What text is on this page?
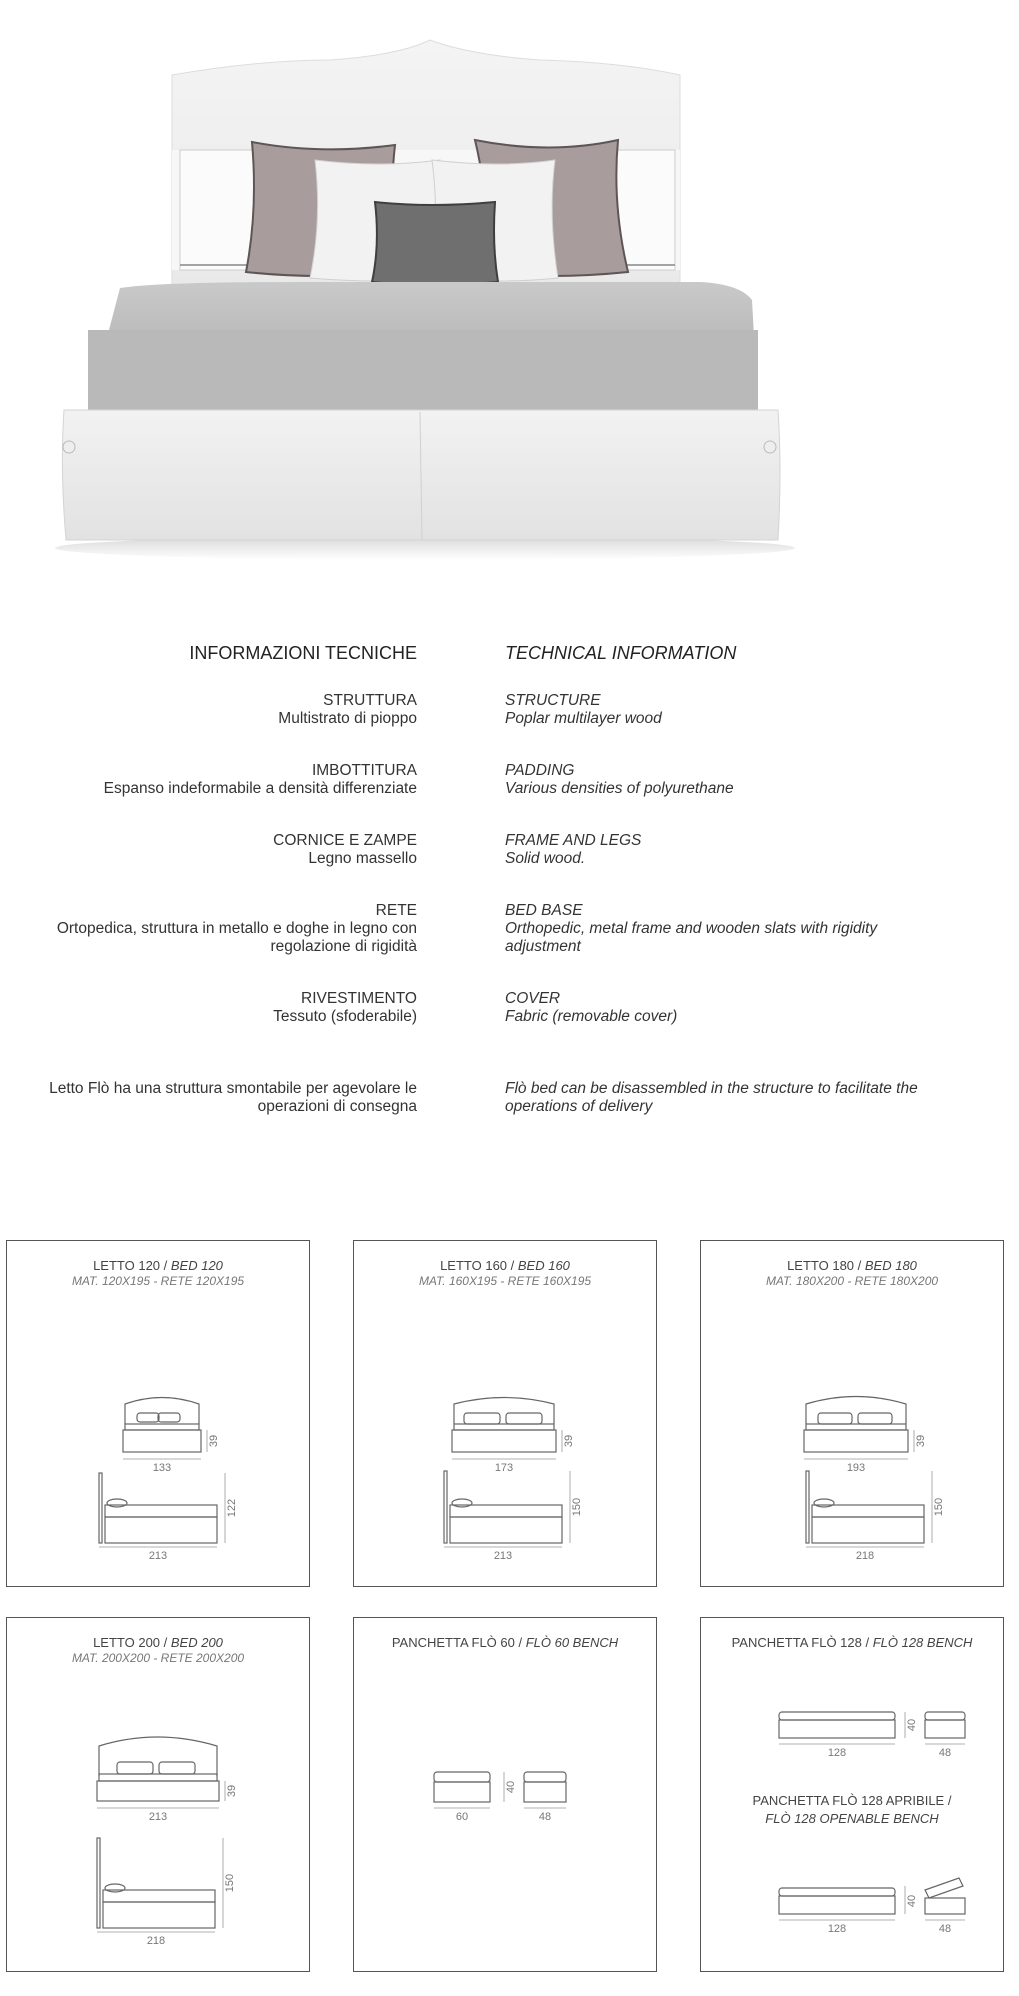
INFORMAZIONI TECNICHE	TECHNICAL INFORMATION
STRUTTURA
Multistrato di pioppo
STRUCTURE
Poplar multilayer wood
IMBOTTITURA
Espanso indeformabile a densità differenziate
PADDING
Various densities of polyurethane
CORNICE E ZAMPE
Legno massello
FRAME AND LEGS
Solid wood.
RETE
Ortopedica, struttura in metallo e doghe in legno con regolazione di rigidità
BED BASE
Orthopedic, metal frame and wooden slats with rigidity adjustment
RIVESTIMENTO
Tessuto (sfoderabile)
COVER
Fabric (removable cover)
Letto Flò ha una struttura smontabile per agevolare le operazioni di consegna
Flò bed can be disassembled in the structure to facilitate the operations of delivery
LETTO 120 / BED 120
MAT. 120X195 - RETE 120X195
133
39
213
122
LETTO 160 / BED 160
MAT. 160X195 - RETE 160X195
173
39
213
150
LETTO 180 / BED 180
MAT. 180X200 - RETE 180X200
193
39
218
150
LETTO 200 / BED 200
MAT. 200X200 - RETE 200X200
213
39
218
150
PANCHETTA FLÒ 60 / FLÒ 60 BENCH
60
40
48
PANCHETTA FLÒ 128 / FLÒ 128 BENCH
128
40
48
128
40
48
PANCHETTA FLÒ 128 APRIBILE /
FLÒ 128 OPENABLE BENCH
